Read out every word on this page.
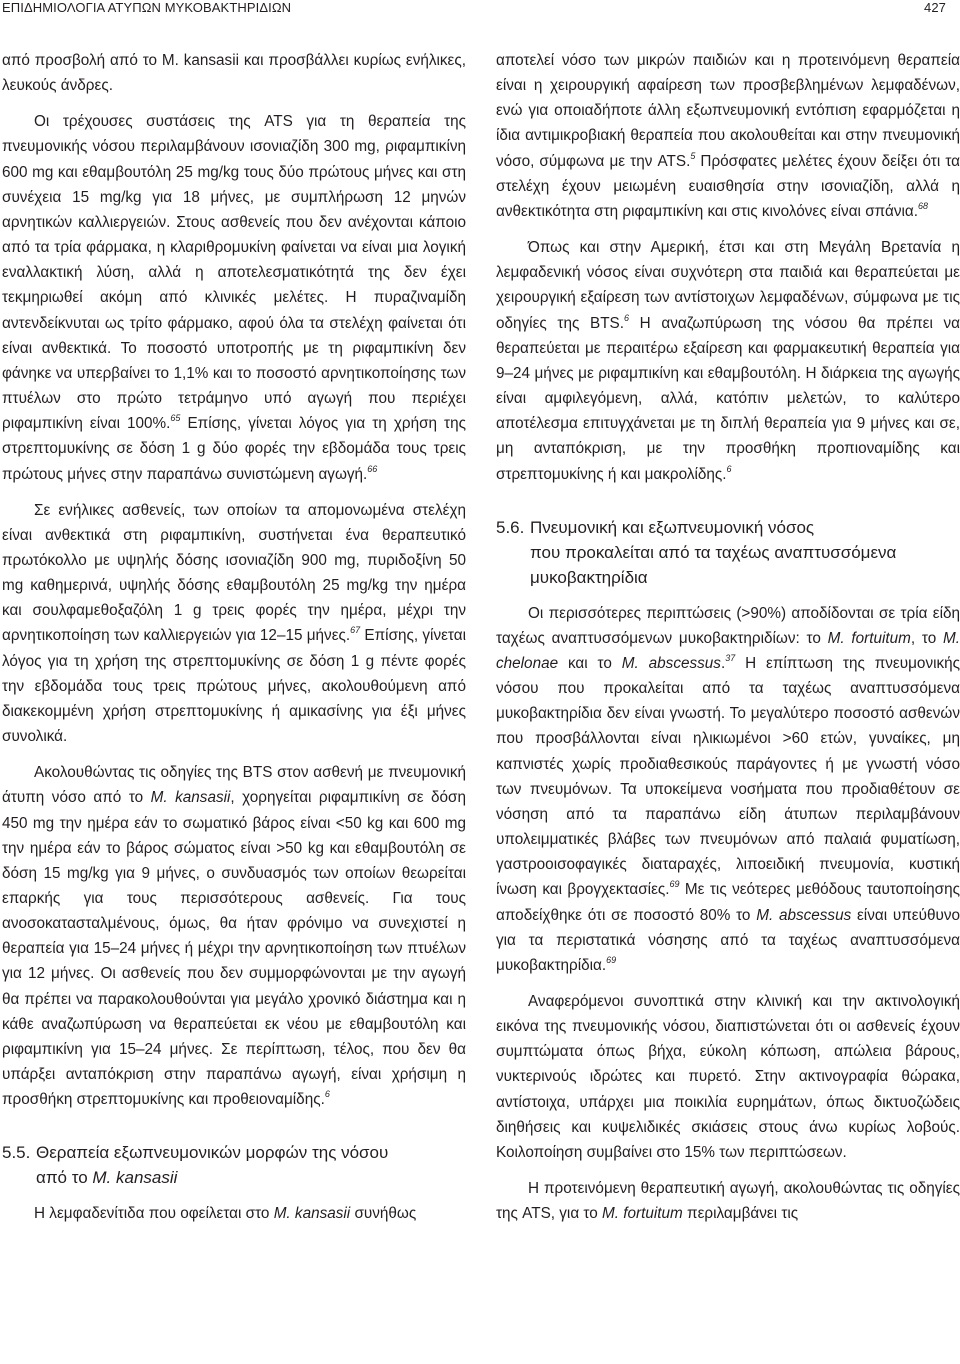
ΕΠΙΔΗΜΙΟΛΟΓΙΑ ΑΤΥΠΩΝ ΜΥΚΟΒΑΚΤΗΡΙΔΙΩΝ	427

από προσβολή από το M. kansasii και προσβάλλει κυρίως ενήλικες, λευκούς άνδρες.

Οι τρέχουσες συστάσεις της ATS για τη θεραπεία της πνευμονικής νόσου περιλαμβάνουν ισονιαζίδη 300 mg, ριφαμπικίνη 600 mg και εθαμβουτόλη 25 mg/kg τους δύο πρώτους μήνες και στη συνέχεια 15 mg/kg για 18 μήνες, με συμπλήρωση 12 μηνών αρνητικών καλλιεργειών. Στους ασθενείς που δεν ανέχονται κάποιο από τα τρία φάρμακα, η κλαριθρομυκίνη φαίνεται να είναι μια λογική εναλλακτική λύση, αλλά η αποτελεσματικότητά της δεν έχει τεκμηριωθεί ακόμη από κλινικές μελέτες. Η πυραζιναμίδη αντενδείκνυται ως τρίτο φάρμακο, αφού όλα τα στελέχη φαίνεται ότι είναι ανθεκτικά. Το ποσοστό υποτροπής με τη ριφαμπικίνη δεν φάνηκε να υπερβαίνει το 1,1% και το ποσοστό αρνητικοποίησης των πτυέλων στο πρώτο τετράμηνο υπό αγωγή που περιέχει ριφαμπικίνη είναι 100%.$^{65}$ Επίσης, γίνεται λόγος για τη χρήση της στρεπτομυκίνης σε δόση 1 g δύο φορές την εβδομάδα τους τρεις πρώτους μήνες στην παραπάνω συνιστώμενη αγωγή.$^{66}$

Σε ενήλικες ασθενείς, των οποίων τα απομονωμένα στελέχη είναι ανθεκτικά στη ριφαμπικίνη, συστήνεται ένα θεραπευτικό πρωτόκολλο με υψηλής δόσης ισονιαζίδη 900 mg, πυριδοξίνη 50 mg καθημερινά, υψηλής δόσης εθαμβουτόλη 25 mg/kg την ημέρα και σουλφαμεθοξαζόλη 1 g τρεις φορές την ημέρα, μέχρι την αρνητικοποίηση των καλλιεργειών για 12–15 μήνες.$^{67}$ Επίσης, γίνεται λόγος για τη χρήση της στρεπτομυκίνης σε δόση 1 g πέντε φορές την εβδομάδα τους τρεις πρώτους μήνες, ακολουθούμενη από διακεκομμένη χρήση στρεπτομυκίνης ή αμικασίνης για έξι μήνες συνολικά.

Ακολουθώντας τις οδηγίες της BTS στον ασθενή με πνευμονική άτυπη νόσο από το M. kansasii, χορηγείται ριφαμπικίνη σε δόση 450 mg την ημέρα εάν το σωματικό βάρος είναι <50 kg και 600 mg την ημέρα εάν το βάρος σώματος είναι >50 kg και εθαμβουτόλη σε δόση 15 mg/kg για 9 μήνες, ο συνδυασμός των οποίων θεωρείται επαρκής για τους περισσότερους ασθενείς. Για τους ανοσοκατασταλμένους, όμως, θα ήταν φρόνιμο να συνεχιστεί η θεραπεία για 15–24 μήνες ή μέχρι την αρνητικοποίηση των πτυέλων για 12 μήνες. Οι ασθενείς που δεν συμμορφώνονται με την αγωγή θα πρέπει να παρακολουθούνται για μεγάλο χρονικό διάστημα και η κάθε αναζωπύρωση να θεραπεύεται εκ νέου με εθαμβουτόλη και ριφαμπικίνη για 15–24 μήνες. Σε περίπτωση, τέλος, που δεν θα υπάρξει ανταπόκριση στην παραπάνω αγωγή, είναι χρήσιμη η προσθήκη στρεπτομυκίνης και προθειοναμίδης.$^6$

5.5. Θεραπεία εξωπνευμονικών μορφών της νόσου
από το M. kansasii

Η λεμφαδενίτιδα που οφείλεται στο M. kansasii συνήθως

αποτελεί νόσο των μικρών παιδιών και η προτεινόμενη θεραπεία είναι η χειρουργική αφαίρεση των προσβεβλημένων λεμφαδένων, ενώ για οποιαδήποτε άλλη εξωπνευμονική εντόπιση εφαρμόζεται η ίδια αντιμικροβιακή θεραπεία που ακολουθείται και στην πνευμονική νόσο, σύμφωνα με την ATS.$^5$ Πρόσφατες μελέτες έχουν δείξει ότι τα στελέχη έχουν μειωμένη ευαισθησία στην ισονιαζίδη, αλλά η ανθεκτικότητα στη ριφαμπικίνη και στις κινολόνες είναι σπάνια.$^{68}$

Όπως και στην Αμερική, έτσι και στη Μεγάλη Βρετανία η λεμφαδενική νόσος είναι συχνότερη στα παιδιά και θεραπεύεται με χειρουργική εξαίρεση των αντίστοιχων λεμφαδένων, σύμφωνα με τις οδηγίες της BTS.$^6$ Η αναζωπύρωση της νόσου θα πρέπει να θεραπεύεται με περαιτέρω εξαίρεση και φαρμακευτική θεραπεία για 9–24 μήνες με ριφαμπικίνη και εθαμβουτόλη. Η διάρκεια της αγωγής είναι αμφιλεγόμενη, αλλά, κατόπιν μελετών, το καλύτερο αποτέλεσμα επιτυγχάνεται με τη διπλή θεραπεία για 9 μήνες και σε, μη ανταπόκριση, με την προσθήκη προπιοναμίδης και στρεπτομυκίνης ή και μακρολίδης.$^6$

5.6. Πνευμονική και εξωπνευμονική νόσος
που προκαλείται από τα ταχέως αναπτυσσόμενα
μυκοβακτηρίδια

Οι περισσότερες περιπτώσεις (>90%) αποδίδονται σε τρία είδη ταχέως αναπτυσσόμενων μυκοβακτηριδίων: το M. fortuitum, το M. chelonae και το M. abscessus.$^{37}$ Η επίπτωση της πνευμονικής νόσου που προκαλείται από τα ταχέως αναπτυσσόμενα μυκοβακτηρίδια δεν είναι γνωστή. Το μεγαλύτερο ποσοστό ασθενών που προσβάλλονται είναι ηλικιωμένοι >60 ετών, γυναίκες, μη καπνιστές χωρίς προδιαθεσικούς παράγοντες ή με γνωστή νόσο των πνευμόνων. Τα υποκείμενα νοσήματα που προδιαθέτουν σε νόσηση από τα παραπάνω είδη άτυπων περιλαμβάνουν υπολειμματικές βλάβες των πνευμόνων από παλαιά φυματίωση, γαστροοισοφαγικές διαταραχές, λιποειδική πνευμονία, κυστική ίνωση και βρογχεκτασίες.$^{69}$ Με τις νεότερες μεθόδους ταυτοποίησης αποδείχθηκε ότι σε ποσοστό 80% το M. abscessus είναι υπεύθυνο για τα περιστατικά νόσησης από τα ταχέως αναπτυσσόμενα μυκοβακτηρίδια.$^{69}$

Αναφερόμενοι συνοπτικά στην κλινική και την ακτινολογική εικόνα της πνευμονικής νόσου, διαπιστώνεται ότι οι ασθενείς έχουν συμπτώματα όπως βήχα, εύκολη κόπωση, απώλεια βάρους, νυκτερινούς ιδρώτες και πυρετό. Στην ακτινογραφία θώρακα, αντίστοιχα, υπάρχει μια ποικιλία ευρημάτων, όπως δικτυοζώδεις διηθήσεις και κυψελιδικές σκιάσεις στους άνω κυρίως λοβούς. Κοιλοποίηση συμβαίνει στο 15% των περιπτώσεων.

Η προτεινόμενη θεραπευτική αγωγή, ακολουθώντας τις οδηγίες της ATS, για το M. fortuitum περιλαμβάνει τις
